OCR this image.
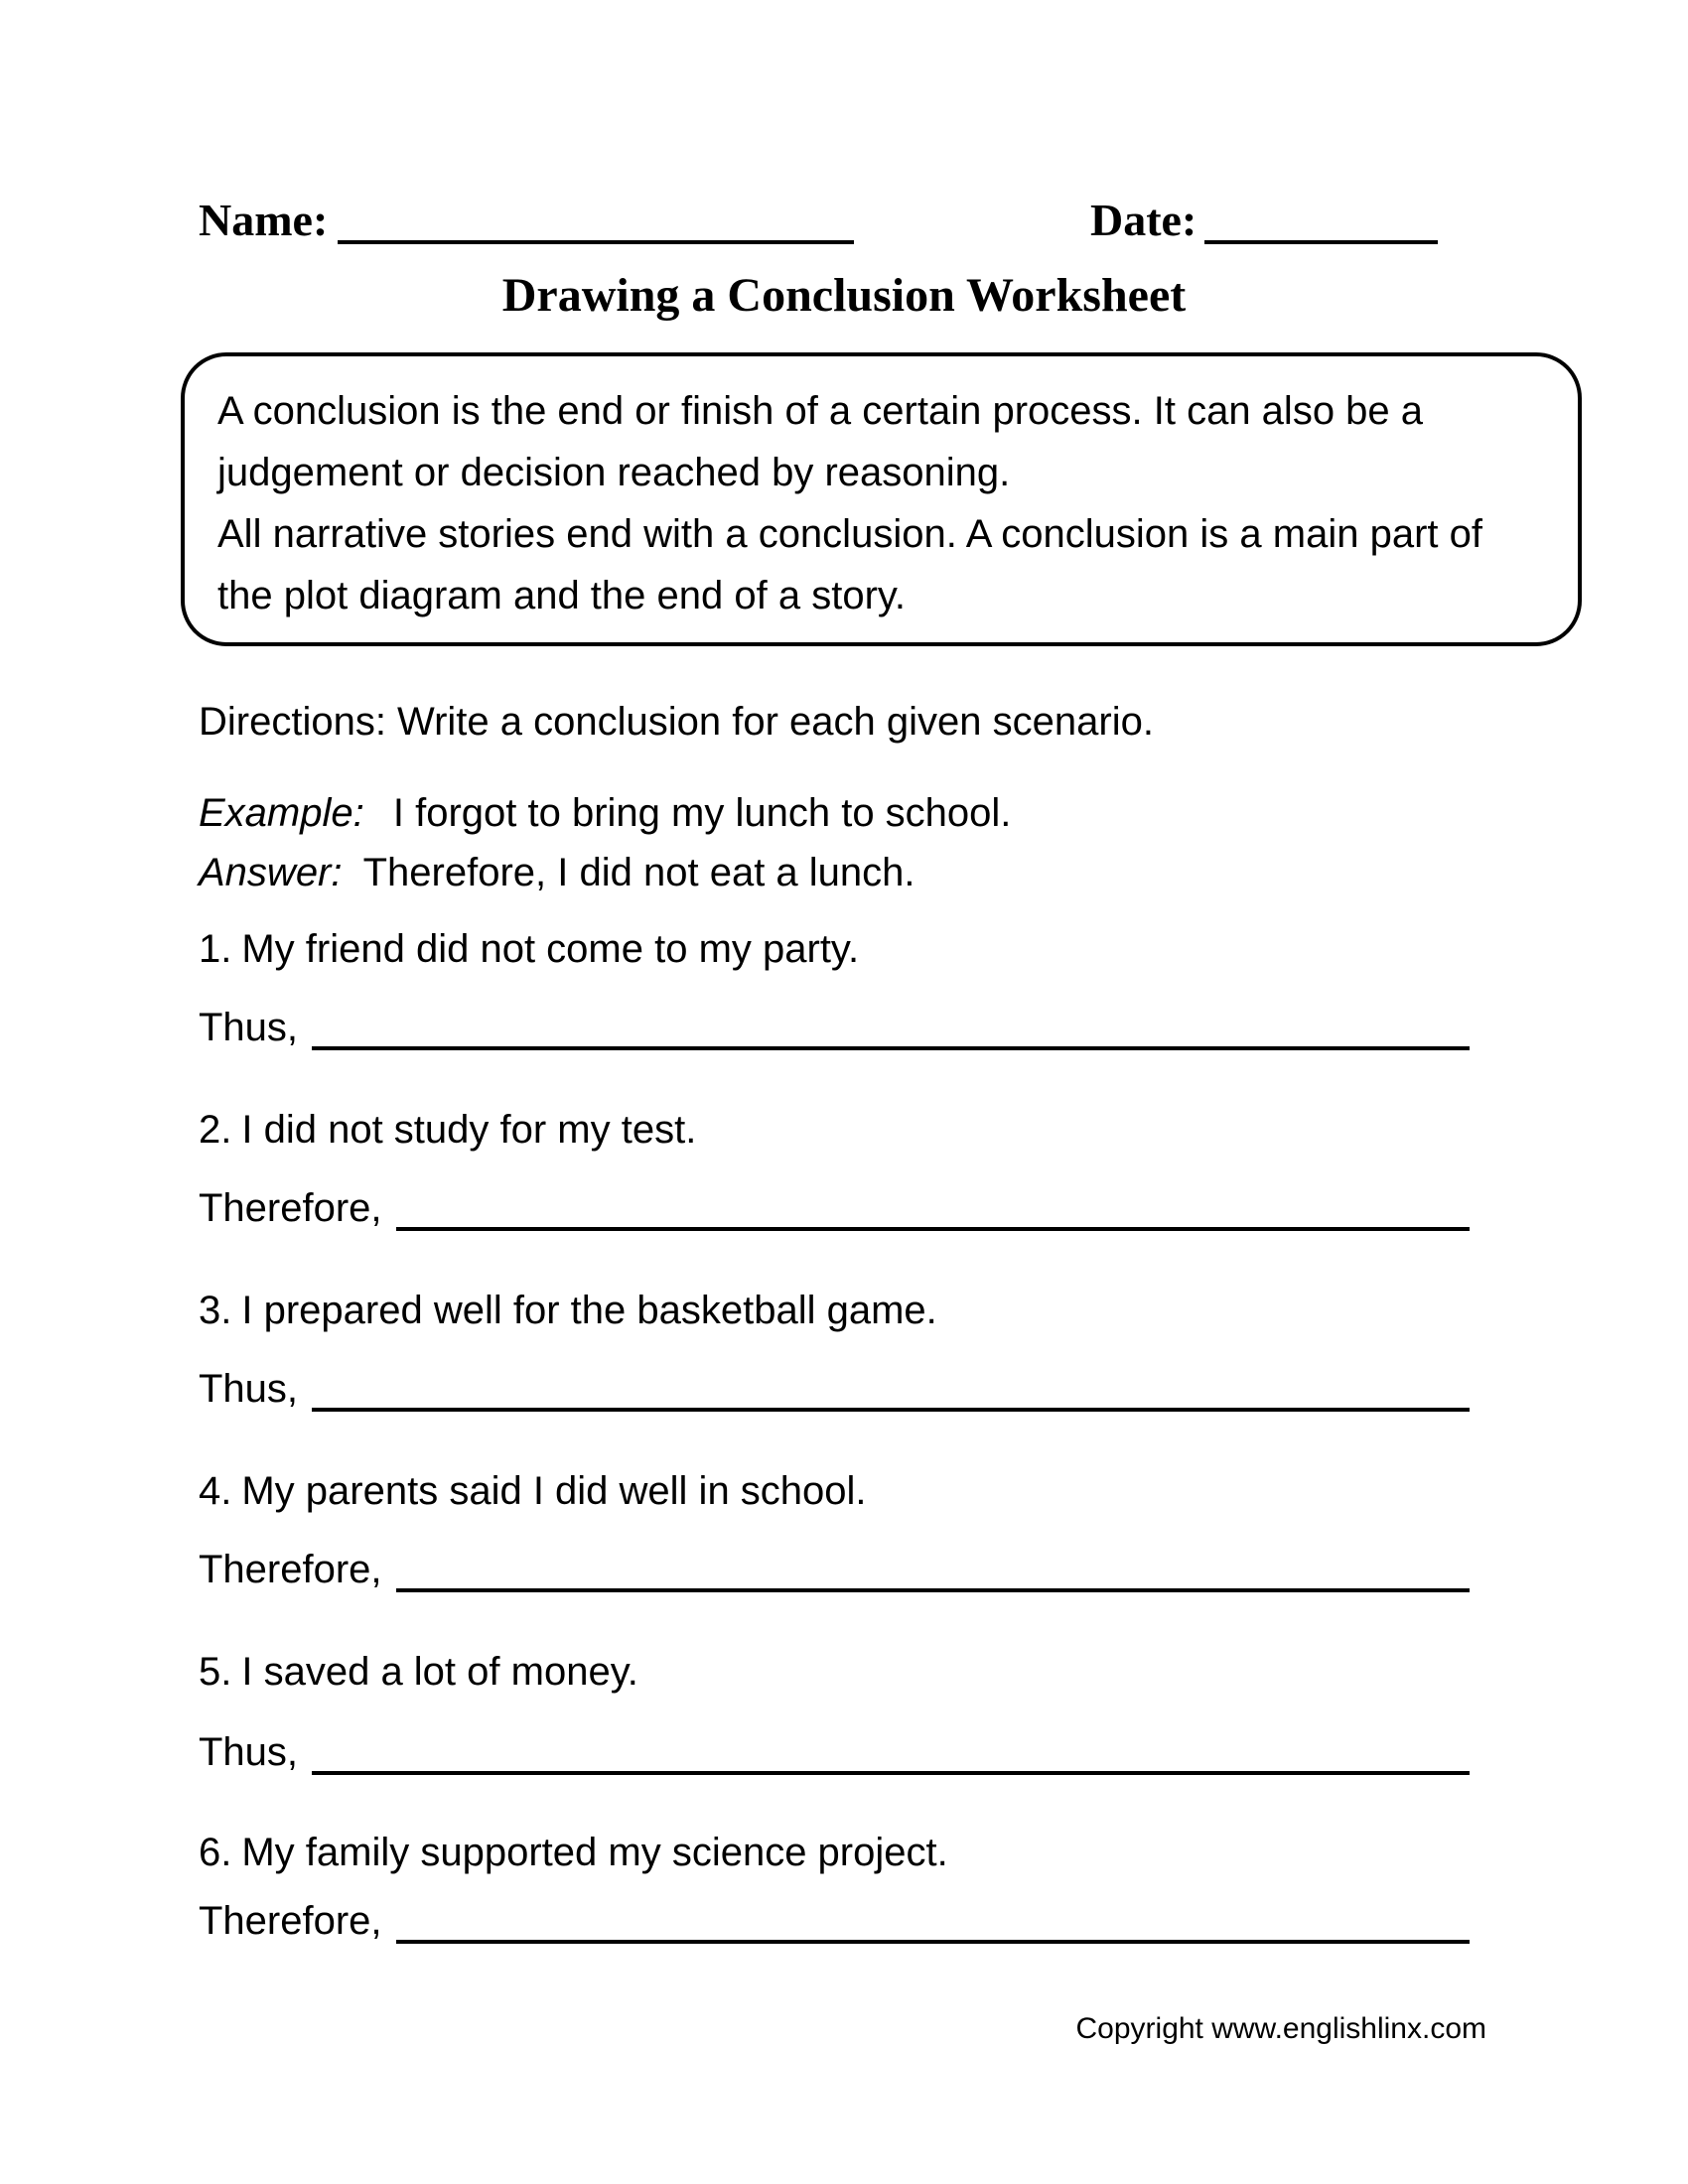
Name:	Date:
Drawing a Conclusion Worksheet
A conclusion is the end or finish of a certain process. It can also be a
judgement or decision reached by reasoning.
All narrative stories end with a conclusion. A conclusion is a main part of
the plot diagram and the end of a story.
Directions: Write a conclusion for each given scenario.
Example: I forgot to bring my lunch to school.
Answer: Therefore, I did not eat a lunch.
1. My friend did not come to my party.
Thus,
2. I did not study for my test.
Therefore,
3. I prepared well for the basketball game.
Thus,
4. My parents said I did well in school.
Therefore,
5. I saved a lot of money.
Thus,
6. My family supported my science project.
Therefore,
Copyright www.englishlinx.com
